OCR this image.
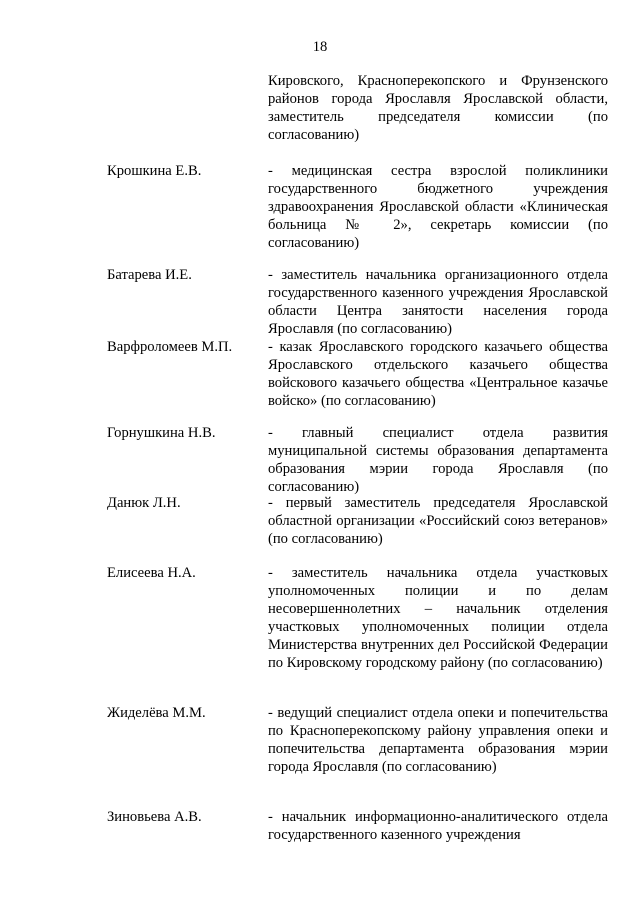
18
Кировского, Красноперекопского и Фрунзенского районов города Ярославля Ярославской области, заместитель председателя комиссии (по согласованию)
Крошкина Е.В.	- медицинская сестра взрослой поликлиники государственного бюджетного учреждения здравоохранения Ярославской области «Клиническая больница № 2», секретарь комиссии (по согласованию)
Батарева И.Е.	- заместитель начальника организационного отдела государственного казенного учреждения Ярославской области Центра занятости населения города Ярославля (по согласованию)
Варфроломеев М.П. - казак Ярославского городского казачьего общества Ярославского отдельского казачьего общества войскового казачьего общества «Центральное казачье войско» (по согласованию)
Горнушкина Н.В.	- главный специалист отдела развития муниципальной системы образования департамента образования мэрии города Ярославля (по согласованию)
Данюк Л.Н.	- первый заместитель председателя Ярославской областной организации «Российский союз ветеранов» (по согласованию)
Елисеева Н.А.	- заместитель начальника отдела участковых уполномоченных полиции и по делам несовершеннолетних – начальник отделения участковых уполномоченных полиции отдела Министерства внутренних дел Российской Федерации по Кировскому городскому району (по согласованию)
Жиделёва М.М.	- ведущий специалист отдела опеки и попечительства по Красноперекопскому району управления опеки и попечительства департамента образования мэрии города Ярославля (по согласованию)
Зиновьева А.В.	- начальник информационно-аналитического отдела государственного казенного учреждения
